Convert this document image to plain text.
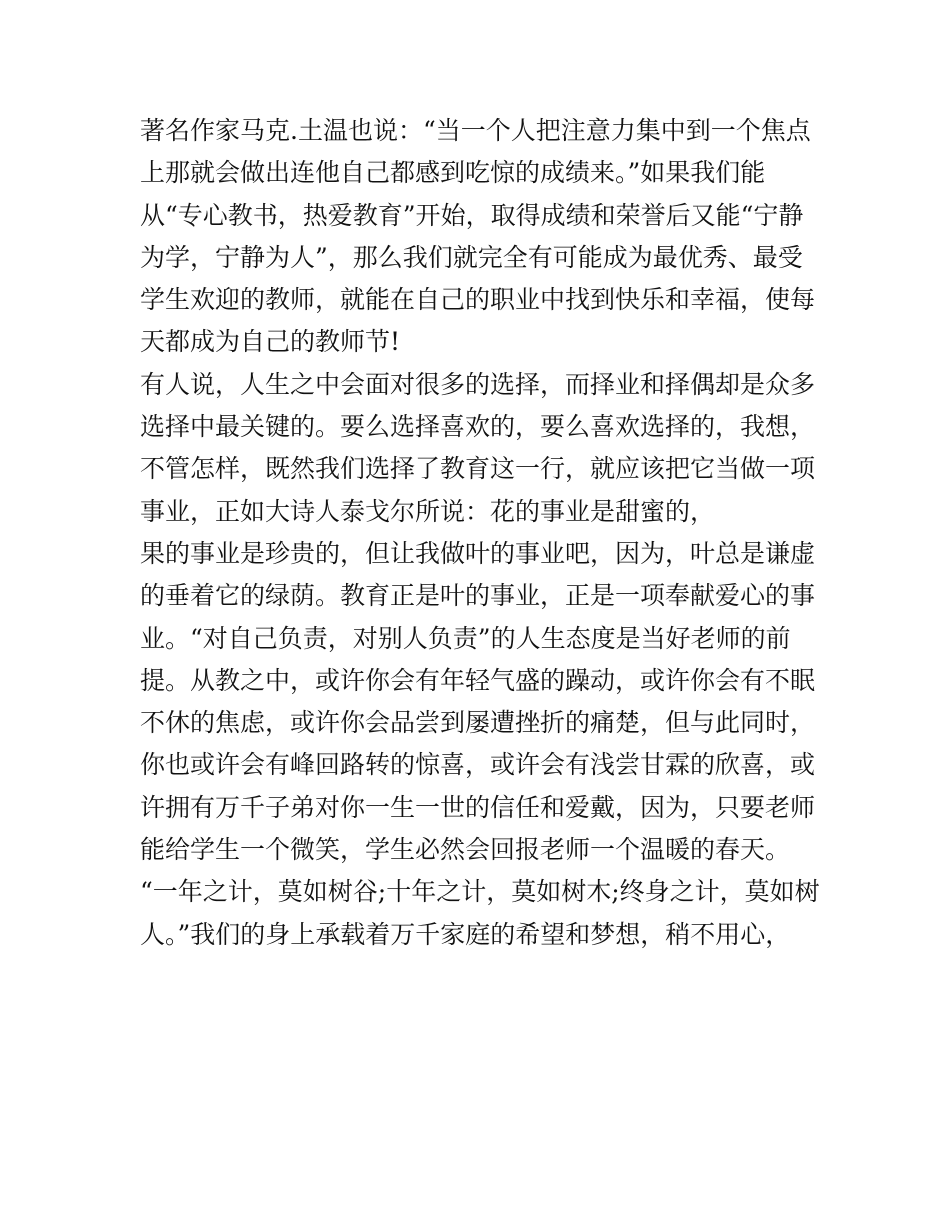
著名作家马克.土温也说：“当一个人把注意力集中到一个焦点
上那就会做出连他自己都感到吃惊的成绩来。”如果我们能
从“专心教书，热爱教育”开始，取得成绩和荣誉后又能“宁静
为学，宁静为人”，那么我们就完全有可能成为最优秀、最受
学生欢迎的教师，就能在自己的职业中找到快乐和幸福，使每
天都成为自己的教师节!
有人说，人生之中会面对很多的选择，而择业和择偶却是众多
选择中最关键的。要么选择喜欢的，要么喜欢选择的，我想，
不管怎样，既然我们选择了教育这一行，就应该把它当做一项
事业，正如大诗人泰戈尔所说：花的事业是甜蜜的，
果的事业是珍贵的，但让我做叶的事业吧，因为，叶总是谦虚
的垂着它的绿荫。教育正是叶的事业，正是一项奉献爱心的事
业。“对自己负责，对别人负责”的人生态度是当好老师的前
提。从教之中，或许你会有年轻气盛的躁动，或许你会有不眠
不休的焦虑，或许你会品尝到屡遭挫折的痛楚，但与此同时，
你也或许会有峰回路转的惊喜，或许会有浅尝甘霖的欣喜，或
许拥有万千子弟对你一生一世的信任和爱戴，因为，只要老师
能给学生一个微笑，学生必然会回报老师一个温暖的春天。
“一年之计，莫如树谷;十年之计，莫如树木;终身之计，莫如树
人。”我们的身上承载着万千家庭的希望和梦想，稍不用心，
